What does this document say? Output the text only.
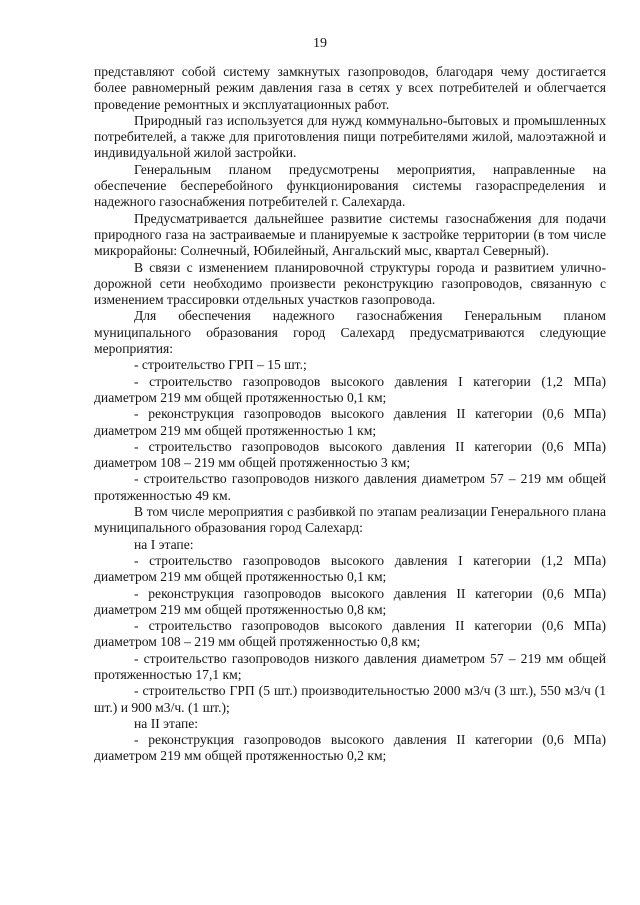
19

представляют собой систему замкнутых газопроводов, благодаря чему достигается более равномерный режим давления газа в сетях у всех потребителей и облегчается проведение ремонтных и эксплуатационных работ.

Природный газ используется для нужд коммунально-бытовых и промышленных потребителей, а также для приготовления пищи потребителями жилой, малоэтажной и индивидуальной жилой застройки.

Генеральным планом предусмотрены мероприятия, направленные на обеспечение бесперебойного функционирования системы газораспределения и надежного газоснабжения потребителей г. Салехарда.

Предусматривается дальнейшее развитие системы газоснабжения для подачи природного газа на застраиваемые и планируемые к застройке территории (в том числе микрорайоны: Солнечный, Юбилейный, Ангальский мыс, квартал Северный).

В связи с изменением планировочной структуры города и развитием улично-дорожной сети необходимо произвести реконструкцию газопроводов, связанную с изменением трассировки отдельных участков газопровода.

Для обеспечения надежного газоснабжения Генеральным планом муниципального образования город Салехард предусматриваются следующие мероприятия:

- строительство ГРП – 15 шт.;

- строительство газопроводов высокого давления I категории (1,2 МПа) диаметром 219 мм общей протяженностью 0,1 км;

- реконструкция газопроводов высокого давления II категории (0,6 МПа) диаметром 219 мм общей протяженностью 1 км;

- строительство газопроводов высокого давления II категории (0,6 МПа) диаметром 108 – 219 мм общей протяженностью 3 км;

- строительство газопроводов низкого давления диаметром 57 – 219 мм общей протяженностью 49 км.

В том числе мероприятия с разбивкой по этапам реализации Генерального плана муниципального образования город Салехард:

на I этапе:

- строительство газопроводов высокого давления I категории (1,2 МПа) диаметром 219 мм общей протяженностью 0,1 км;

- реконструкция газопроводов высокого давления II категории (0,6 МПа) диаметром 219 мм общей протяженностью 0,8 км;

- строительство газопроводов высокого давления II категории (0,6 МПа) диаметром 108 – 219 мм общей протяженностью 0,8 км;

- строительство газопроводов низкого давления диаметром 57 – 219 мм общей протяженностью 17,1 км;

- строительство ГРП (5 шт.) производительностью 2000 м3/ч (3 шт.), 550 м3/ч (1 шт.) и 900 м3/ч. (1 шт.);

на II этапе:

- реконструкция газопроводов высокого давления II категории (0,6 МПа) диаметром 219 мм общей протяженностью 0,2 км;
